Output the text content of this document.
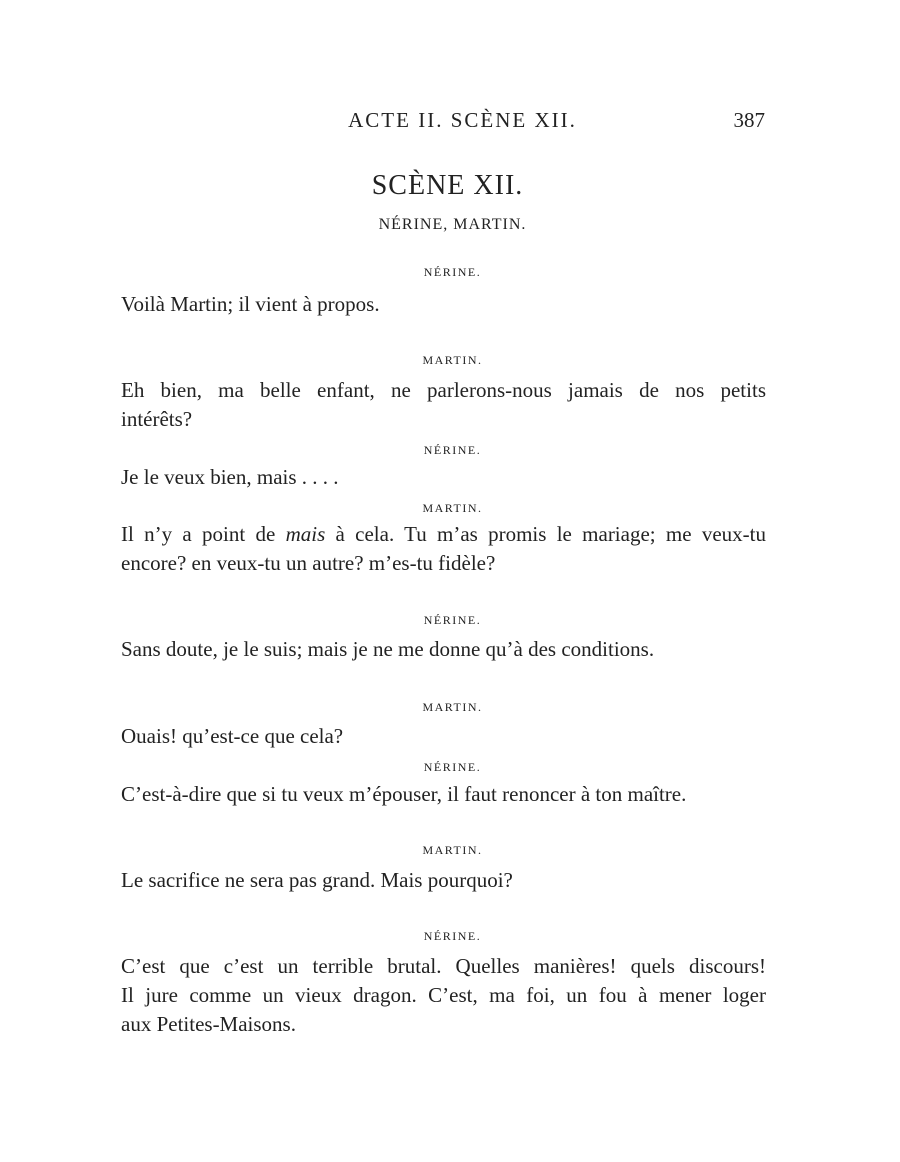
ACTE II. SCÈNE XII.	387
SCÈNE XII.
NÉRINE, MARTIN.
NÉRINE.
Voilà Martin; il vient à propos.
MARTIN.
Eh bien, ma belle enfant, ne parlerons-nous jamais de nos petits
intérêts?
NÉRINE.
Je le veux bien, mais . . . .
MARTIN.
Il n’y a point de mais à cela. Tu m’as promis le mariage; me veux-tu
encore? en veux-tu un autre? m’es-tu fidèle?
NÉRINE.
Sans doute, je le suis; mais je ne me donne qu’à des conditions.
MARTIN.
Ouais! qu’est-ce que cela?
NÉRINE.
C’est-à-dire que si tu veux m’épouser, il faut renoncer à ton maître.
MARTIN.
Le sacrifice ne sera pas grand. Mais pourquoi?
NÉRINE.
C’est que c’est un terrible brutal. Quelles manières! quels discours!
Il jure comme un vieux dragon. C’est, ma foi, un fou à mener loger
aux Petites-Maisons.
